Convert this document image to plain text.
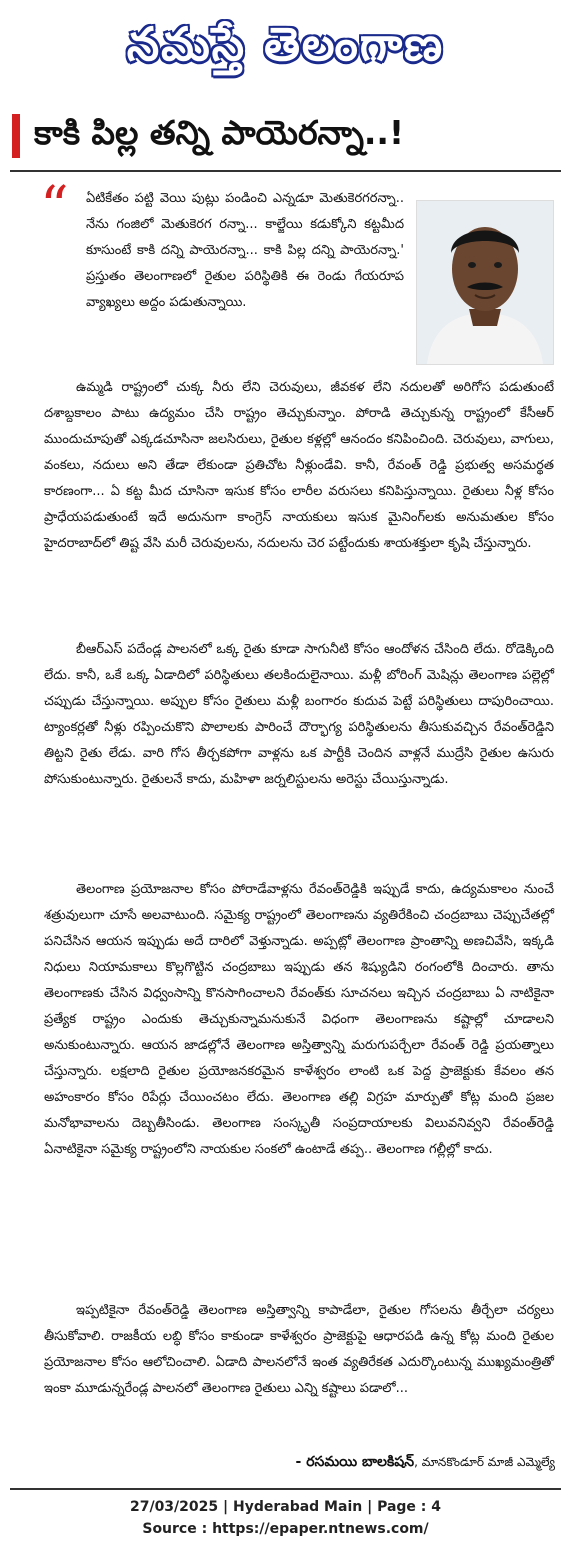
నమస్తే తెలంగాణ
కాకి పిల్ల తన్ని పాయెరన్నా..!
“ ఏటికేతం పట్టి వెయి పుట్లు పండించి ఎన్నడూ మెతుకెరగరన్నా.. నేను గంజిలో మెతుకెరగ రన్నా... కాల్జేయి కడుక్కోని కట్టమీద కూసుంటే కాకి దన్ని పాయెరన్నా... కాకి పిల్ల దన్ని పాయెరన్నా.' ప్రస్తుతం తెలంగాణలో రైతుల పరిస్థితికి ఈ రెండు గేయరూప వ్యాఖ్యలు అద్దం పడుతున్నాయి.

ఉమ్మడి రాష్ట్రంలో చుక్క నీరు లేని చెరువులు, జీవకళ లేని నదులతో అరిగోస పడుతుంటే దశాబ్దకాలం పాటు ఉద్యమం చేసి రాష్ట్రం తెచ్చుకున్నాం. పోరాడి తెచ్చుకున్న రాష్ట్రంలో కేసీఆర్ ముందుచూపుతో ఎక్కడచూసినా జలసిరులు, రైతుల కళ్లల్లో ఆనందం కనిపించింది. చెరువులు, వాగులు, వంకలు, నదులు అని తేడా లేకుండా ప్రతిచోట నీళ్లుండేవి. కానీ, రేవంత్ రెడ్డి ప్రభుత్వ అసమర్థత కారణంగా... ఏ కట్ట మీద చూసినా ఇసుక కోసం లారీల వరుసలు కనిపిస్తున్నాయి. రైతులు నీళ్ల కోసం ప్రాధేయపడుతుంటే ఇదే అదునుగా కాంగ్రెస్ నాయకులు ఇసుక మైనింగ్‌లకు అనుమతుల కోసం హైదరాబాద్‌లో తిష్ట వేసి మరీ చెరువులను, నదులను చెర పట్టేందుకు శాయశక్తులా కృషి చేస్తున్నారు.

బీఆర్ఎస్ పదేండ్ల పాలనలో ఒక్క రైతు కూడా సాగునీటి కోసం ఆందోళన చేసింది లేదు. రోడెక్కింది లేదు. కానీ, ఒకే ఒక్క ఏడాదిలో పరిస్థితులు తలకిందులైనాయి. మళ్లీ బోరింగ్ మెషిన్లు తెలంగాణ పల్లెల్లో చప్పుడు చేస్తున్నాయి. అప్పుల కోసం రైతులు మళ్లీ బంగారం కుదువ పెట్టే పరిస్థితులు దాపురించాయి. ట్యాంకర్లతో నీళ్లు రప్పించుకొని పొలాలకు పారించే దౌర్భాగ్య పరిస్థితులను తీసుకువచ్చిన రేవంత్‌రెడ్డిని తిట్టని రైతు లేడు. వారి గోస తీర్చకపోగా వాళ్లను ఒక పార్టీకి చెందిన వాళ్లనే ముద్రేసి రైతుల ఉసురు పోసుకుంటున్నారు. రైతులనే కాదు, మహిళా జర్నలిస్టులను అరెస్టు చేయిస్తున్నాడు.

తెలంగాణ ప్రయోజనాల కోసం పోరాడేవాళ్లను రేవంత్‌రెడ్డికి ఇప్పుడే కాదు, ఉద్యమకాలం నుంచే శత్రువులుగా చూసే అలవాటుంది. సమైక్య రాష్ట్రంలో తెలంగాణను వ్యతిరేకించి చంద్రబాబు చెప్పుచేతల్లో పనిచేసిన ఆయన ఇప్పుడు అదే దారిలో వెళ్తున్నాడు. అప్పట్లో తెలంగాణ ప్రాంతాన్ని అణచివేసి, ఇక్కడి నిధులు నియామకాలు కొల్లగొట్టిన చంద్రబాబు ఇప్పుడు తన శిష్యుడిని రంగంలోకి దించారు. తాను తెలంగాణకు చేసిన విధ్వంసాన్ని కొనసాగించాలని రేవంత్‌కు సూచనలు ఇచ్చిన చంద్రబాబు ఏ నాటికైనా ప్రత్యేక రాష్ట్రం ఎందుకు తెచ్చుకున్నామనుకునే విధంగా తెలంగాణను కష్టాల్లో చూడాలని అనుకుంటున్నారు. ఆయన జాడల్లోనే తెలంగాణ అస్తిత్వాన్ని మరుగుపర్చేలా రేవంత్ రెడ్డి ప్రయత్నాలు చేస్తున్నారు. లక్షలాది రైతుల ప్రయోజనకరమైన కాళేశ్వరం లాంటి ఒక పెద్ద ప్రాజెక్టుకు కేవలం తన అహంకారం కోసం రిపేర్లు చేయించటం లేదు. తెలంగాణ తల్లి విగ్రహ మార్పుతో కోట్ల మంది ప్రజల మనోభావాలను దెబ్బతీసిండు. తెలంగాణ సంస్కృతీ సంప్రదాయాలకు విలువనివ్వని రేవంత్‌రెడ్డి ఏనాటికైనా సమైక్య రాష్ట్రంలోని నాయకుల సంకలో ఉంటాడే తప్ప.. తెలంగాణ గల్లీల్లో కాదు.

ఇప్పటికైనా రేవంత్‌రెడ్డి తెలంగాణ అస్తిత్వాన్ని కాపాడేలా, రైతుల గోసలను తీర్చేలా చర్యలు తీసుకోవాలి. రాజకీయ లబ్ధి కోసం కాకుండా కాళేశ్వరం ప్రాజెక్టుపై ఆధారపడి ఉన్న కోట్ల మంది రైతుల ప్రయోజనాల కోసం ఆలోచించాలి. ఏడాది పాలనలోనే ఇంత వ్యతిరేకత ఎదుర్కొంటున్న ముఖ్యమంత్రితో ఇంకా మూడున్నరేండ్ల పాలనలో తెలంగాణ రైతులు ఎన్ని కష్టాలు పడాలో...

- రసమయి బాలకిషన్, మానకొండూర్ మాజీ ఎమ్మెల్యే
27/03/2025 | Hyderabad Main | Page : 4
Source : https://epaper.ntnews.com/
